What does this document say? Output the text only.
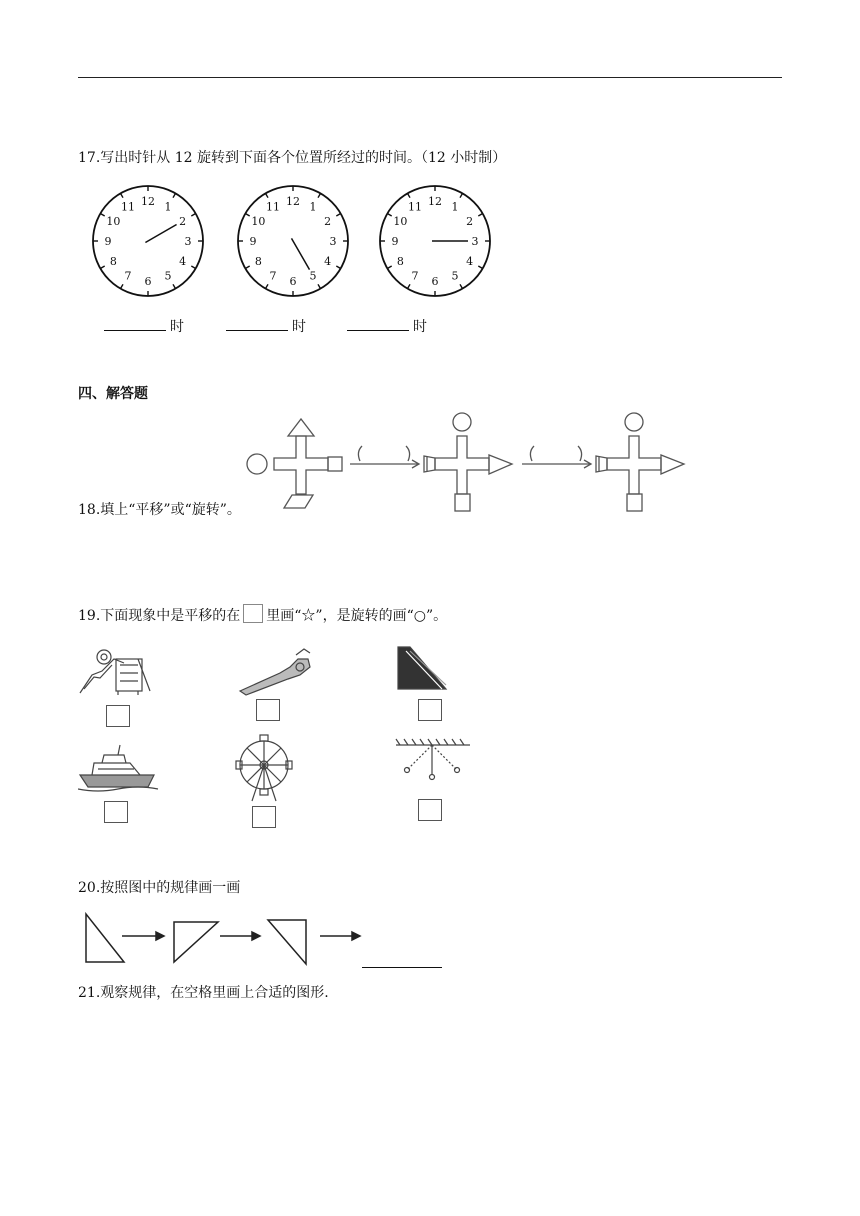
17.写出时针从 12 旋转到下面各个位置所经过的时间。（12 小时制）
1
2
3
4
5
6
7
8
9
10
11 12	1
2
3
4
5
6
7
8
9
10
11 12	1
2
3
4
5
6
7
8
9
10
11 12
时	时	时
四、解答题
18.填上“平移”或“旋转”。
19.下面现象中是平移的在 里画“☆”，是旋转的画“○”。
20.按照图中的规律画一画
21.观察规律，在空格里画上合适的图形.
